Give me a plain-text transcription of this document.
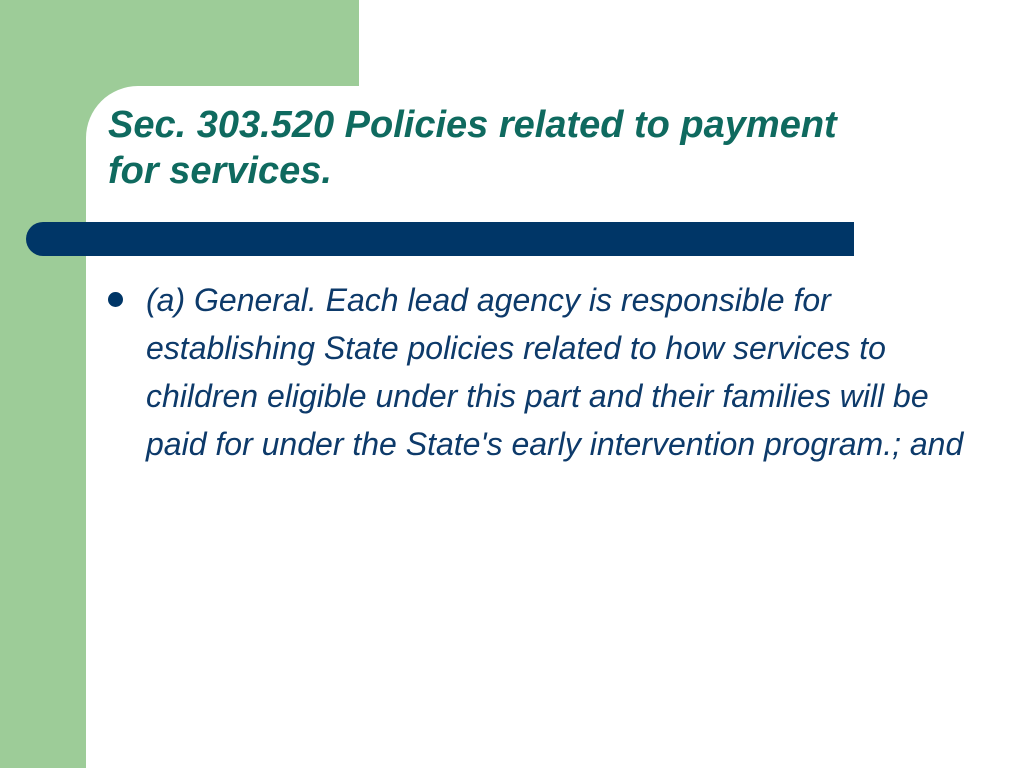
Sec. 303.520 Policies related to payment for services.
(a) General. Each lead agency is responsible for establishing State policies related to how services to children eligible under this part and their families will be paid for under the State's early intervention program.; and
